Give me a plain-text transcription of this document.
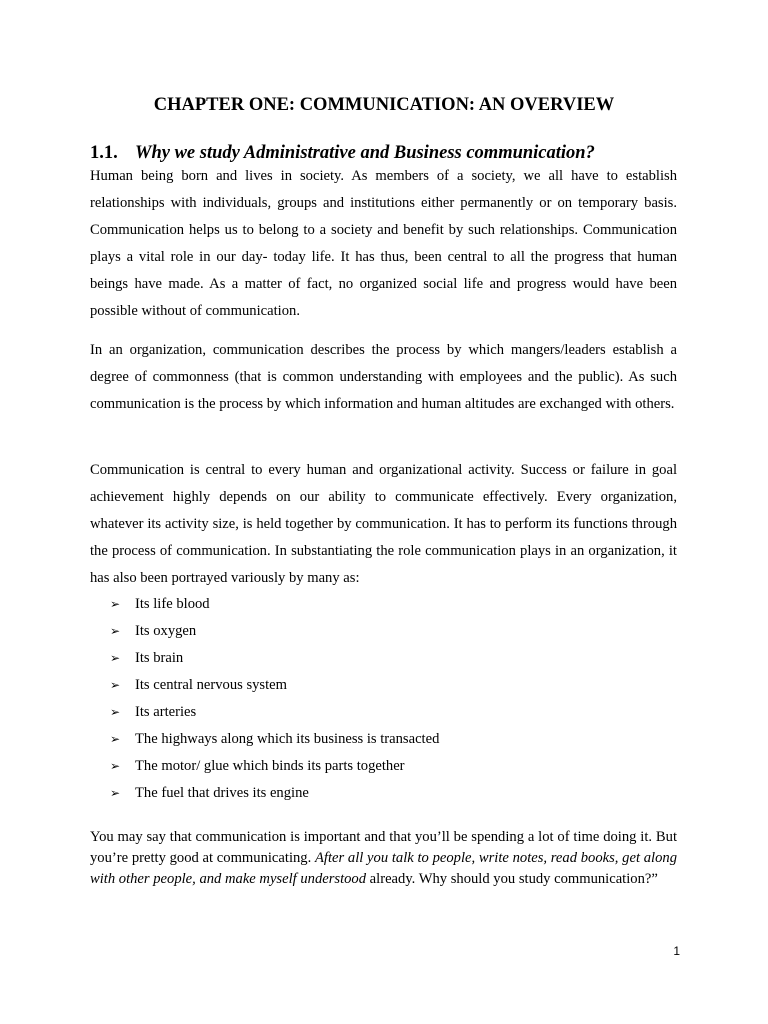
CHAPTER ONE: COMMUNICATION: AN OVERVIEW
1.1. Why we study Administrative and Business communication?

Human being born and lives in society. As members of a society, we all have to establish relationships with individuals, groups and institutions either permanently or on temporary basis. Communication helps us to belong to a society and benefit by such relationships. Communication plays a vital role in our day- today life. It has thus, been central to all the progress that human beings have made. As a matter of fact, no organized social life and progress would have been possible without of communication.

In an organization, communication describes the process by which mangers/leaders establish a degree of commonness (that is common understanding with employees and the public). As such communication is the process by which information and human altitudes are exchanged with others.

Communication is central to every human and organizational activity. Success or failure in goal achievement highly depends on our ability to communicate effectively. Every organization, whatever its activity size, is held together by communication. It has to perform its functions through the process of communication. In substantiating the role communication plays in an organization, it has also been portrayed variously by many as:

➢	Its life blood
➢	Its oxygen
➢	Its brain
➢	Its central nervous system
➢	Its arteries
➢	The highways along which its business is transacted
➢	The motor/ glue which binds its parts together
➢	The fuel that drives its engine

You may say that communication is important and that you’ll be spending a lot of time doing it. But you’re pretty good at communicating. After all you talk to people, write notes, read books, get along with other people, and make myself understood already. Why should you study communication?”

1
